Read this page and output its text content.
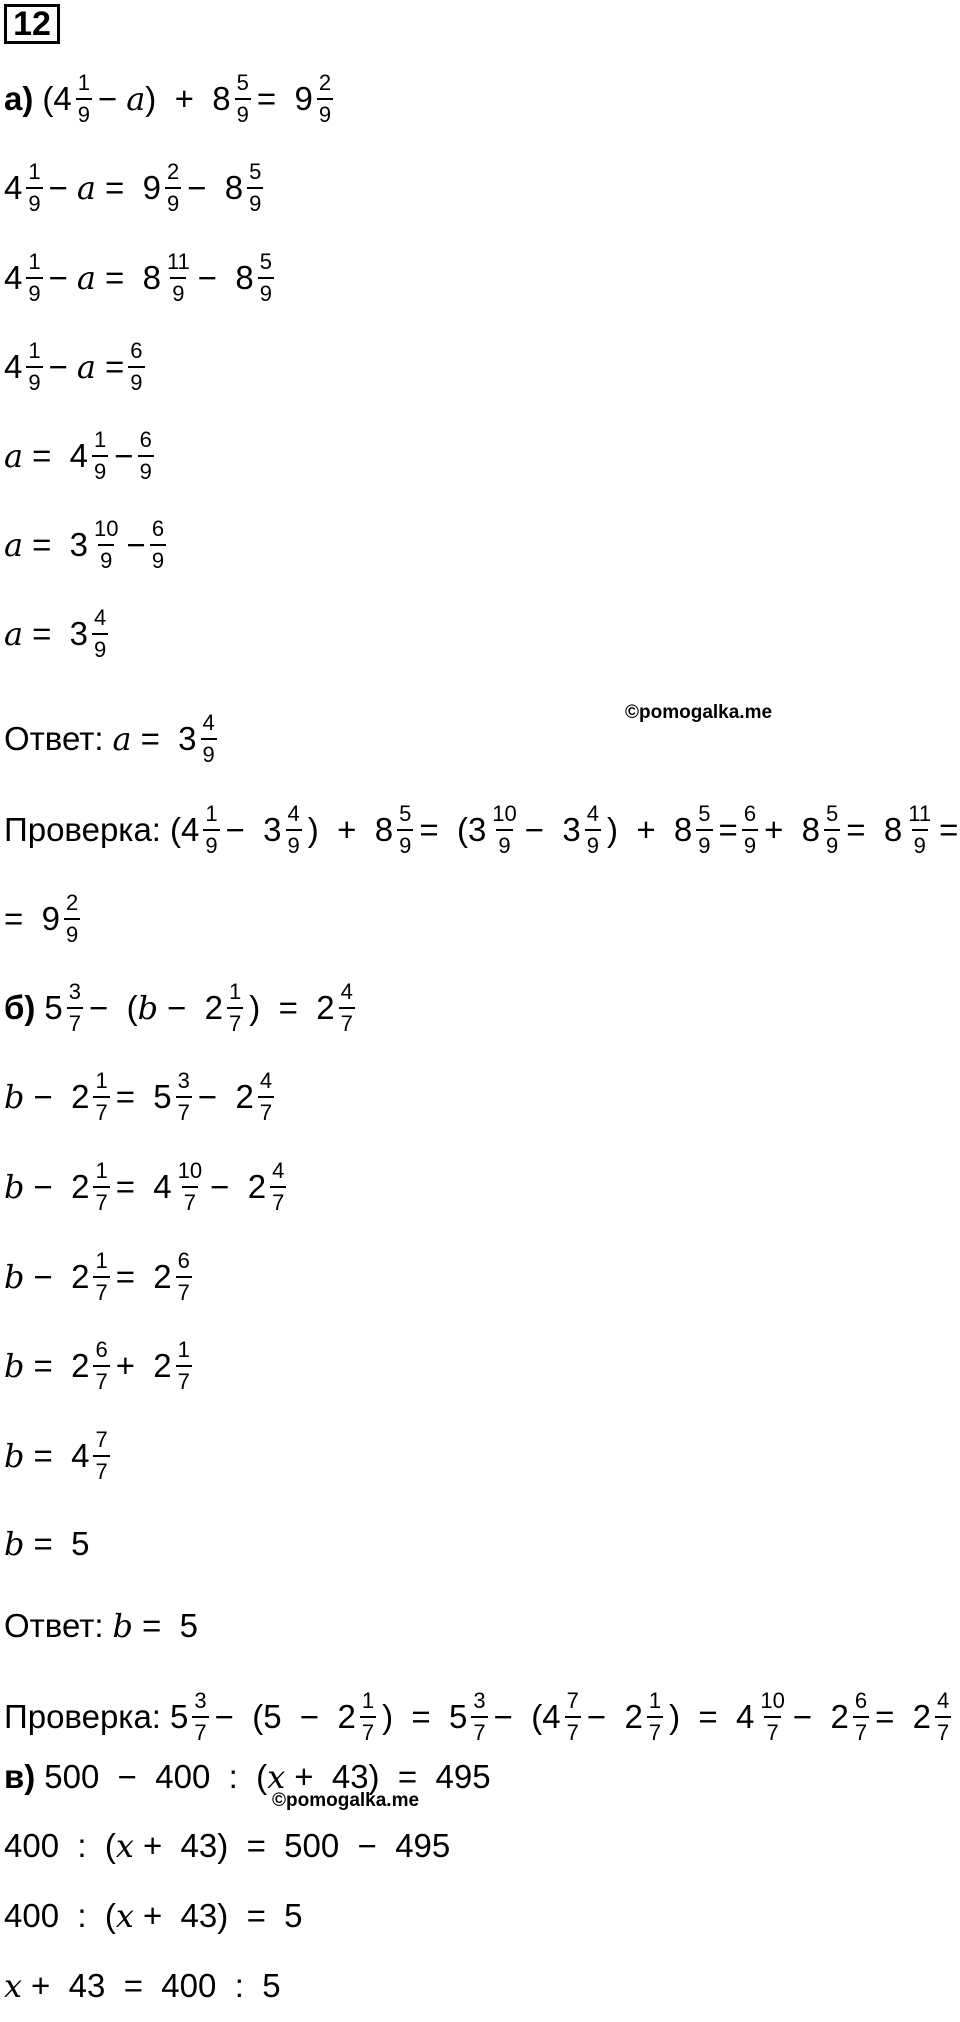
12
а) ($4 \frac{1}{9} - a$ )  +  $8 \frac{5}{9} = 9 \frac{2}{9}$
$4 \frac{1}{9} - a = 9 \frac{2}{9} - 8 \frac{5}{9}$
$4 \frac{1}{9} - a = 8 \frac{11}{9} - 8 \frac{5}{9}$
$4 \frac{1}{9} - a = \frac{6}{9}$
$a = 4 \frac{1}{9} - \frac{6}{9}$
$a = 3 \frac{10}{9} - \frac{6}{9}$
$a = 3 \frac{4}{9}$
Ответ: $a = 3 \frac{4}{9}$	©pomogalka.me
Проверка: ($4 \frac{1}{9} - 3 \frac{4}{9}$ )  +  $8 \frac{5}{9} = (3 \frac{10}{9} - 3 \frac{4}{9}$ )  +  $8 \frac{5}{9} = \frac{6}{9} + 8 \frac{5}{9} = 8 \frac{11}{9}$ =
=  $9 \frac{2}{9}$
б) $5 \frac{3}{7}$ −  ( $b - 2 \frac{1}{7}$ )  =  $2 \frac{4}{7}$
$b - 2 \frac{1}{7} = 5 \frac{3}{7} - 2 \frac{4}{7}$
$b - 2 \frac{1}{7} = 4 \frac{10}{7} - 2 \frac{4}{7}$
$b - 2 \frac{1}{7} = 2 \frac{6}{7}$
$b = 2 \frac{6}{7} + 2 \frac{1}{7}$
$b = 4 \frac{7}{7}$
b =  5
Ответ: b =  5
Проверка: $5 \frac{3}{7} - (5 - 2 \frac{1}{7}$ )  =  $5 \frac{3}{7} - (4 \frac{7}{7} - 2 \frac{1}{7}$ )  =  $4 \frac{10}{7} - 2 \frac{6}{7} = 2 \frac{4}{7}$
в) 500  −  400  :  ( x +  43)  =  495
©pomogalka.me
400  :  ( x +  43)  =  500  −  495
400  :  ( x +  43)  =  5
x +  43  =  400  :  5
